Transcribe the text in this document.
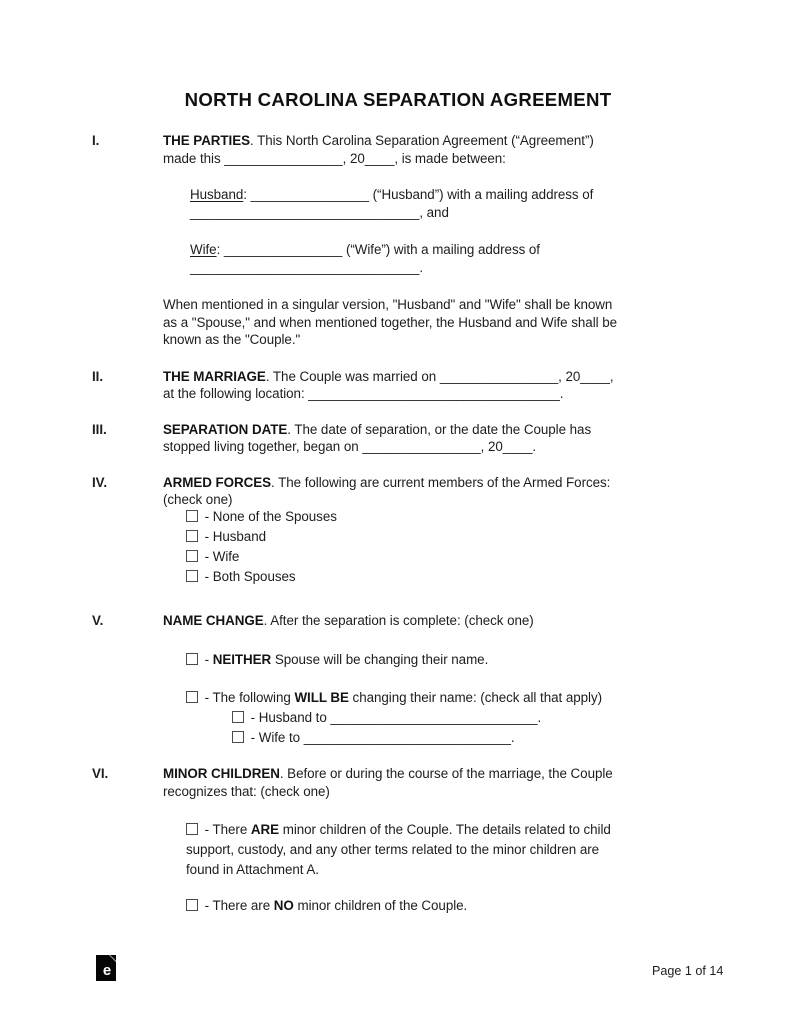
NORTH CAROLINA SEPARATION AGREEMENT
I.	THE PARTIES. This North Carolina Separation Agreement (“Agreement”)
made this ________________, 20____, is made between:
Husband: ________________ (“Husband”) with a mailing address of
_______________________________, and
Wife: ________________ (“Wife”) with a mailing address of
_______________________________.
When mentioned in a singular version, "Husband" and "Wife" shall be known
as a "Spouse," and when mentioned together, the Husband and Wife shall be
known as the "Couple."
II.	THE MARRIAGE. The Couple was married on ________________, 20____,
at the following location: __________________________________.
III.	SEPARATION DATE. The date of separation, or the date the Couple has
stopped living together, began on ________________, 20____.
IV.	ARMED FORCES. The following are current members of the Armed Forces:
(check one)
- None of the Spouses
- Husband
- Wife
- Both Spouses
V.	NAME CHANGE. After the separation is complete: (check one)
- NEITHER Spouse will be changing their name.
- The following WILL BE changing their name: (check all that apply)
- Husband to ____________________________.
- Wife to ____________________________.
VI.	MINOR CHILDREN. Before or during the course of the marriage, the Couple
recognizes that: (check one)
- There ARE minor children of the Couple. The details related to child
support, custody, and any other terms related to the minor children are
found in Attachment A.
- There are NO minor children of the Couple.
e	Page 1 of 14
